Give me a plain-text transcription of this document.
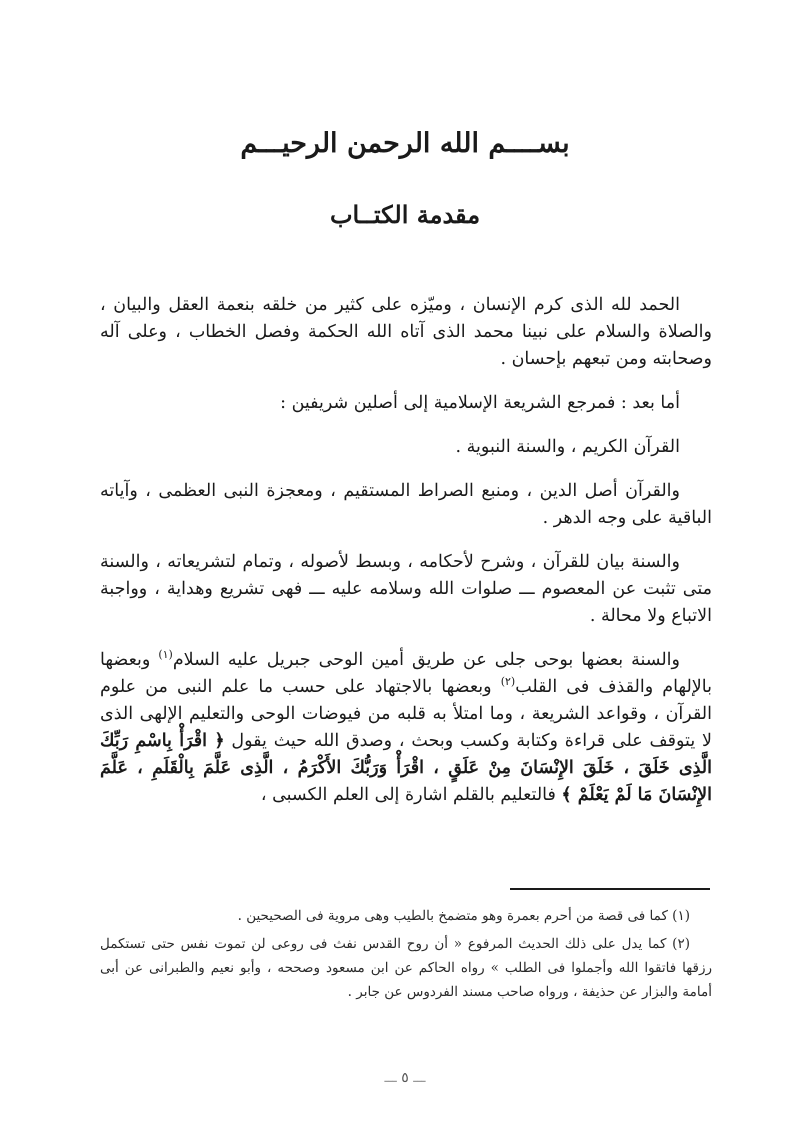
بســــم الله الرحمن الرحيـــم
مقدمة الكتــاب

الحمد لله الذى كرم الإنسان ، وميّزه على كثير من خلقه بنعمة العقل والبيان ، والصلاة والسلام على نبينا محمد الذى آتاه الله الحكمة وفصل الخطاب ، وعلى آله وصحابته ومن تبعهم بإحسان .

أما بعد : فمرجع الشريعة الإسلامية إلى أصلين شريفين :

القرآن الكريم ، والسنة النبوية .

والقرآن أصل الدين ، ومنبع الصراط المستقيم ، ومعجزة النبى العظمى ، وآياته الباقية على وجه الدهر .

والسنة بيان للقرآن ، وشرح لأحكامه ، وبسط لأصوله ، وتمام لتشريعاته ، والسنة متى تثبت عن المعصوم ـــ صلوات الله وسلامه عليه ـــ فهى تشريع وهداية ، وواجبة الاتباع ولا محالة .

والسنة بعضها بوحى جلى عن طريق أمين الوحى جبريل عليه السلام$^{(١)}$ وبعضها بالإلهام والقذف فى القلب$^{(٢)}$ وبعضها بالاجتهاد على حسب ما علم النبى من علوم القرآن ، وقواعد الشريعة ، وما امتلأ به قلبه من فيوضات الوحى والتعليم الإلهى الذى لا يتوقف على قراءة وكتابة وكسب وبحث ، وصدق الله حيث يقول ﴿ اقْرَأْ بِاسْمِ رَبِّكَ الَّذِى خَلَقَ ، خَلَقَ الإِنْسَانَ مِنْ عَلَقٍ ، اقْرَأْ وَرَبُّكَ الأَكْرَمُ ، الَّذِى عَلَّمَ بِالْقَلَمِ ، عَلَّمَ الإِنْسَانَ مَا لَمْ يَعْلَمْ ﴾ فالتعليم بالقلم اشارة إلى العلم الكسبى ،

(١) كما فى قصة من أحرم بعمرة وهو متضمخ بالطيب وهى مروية فى الصحيحين .

(٢) كما يدل على ذلك الحديث المرفوع « أن روح القدس نفث فى روعى لن تموت نفس حتى تستكمل رزقها فاتقوا الله وأجملوا فى الطلب » رواه الحاكم عن ابن مسعود وصححه ، وأبو نعيم والطبرانى عن أبى أمامة والبزار عن حذيفة ، ورواه صاحب مسند الفردوس عن جابر .

ـــ ٥ ـــ
